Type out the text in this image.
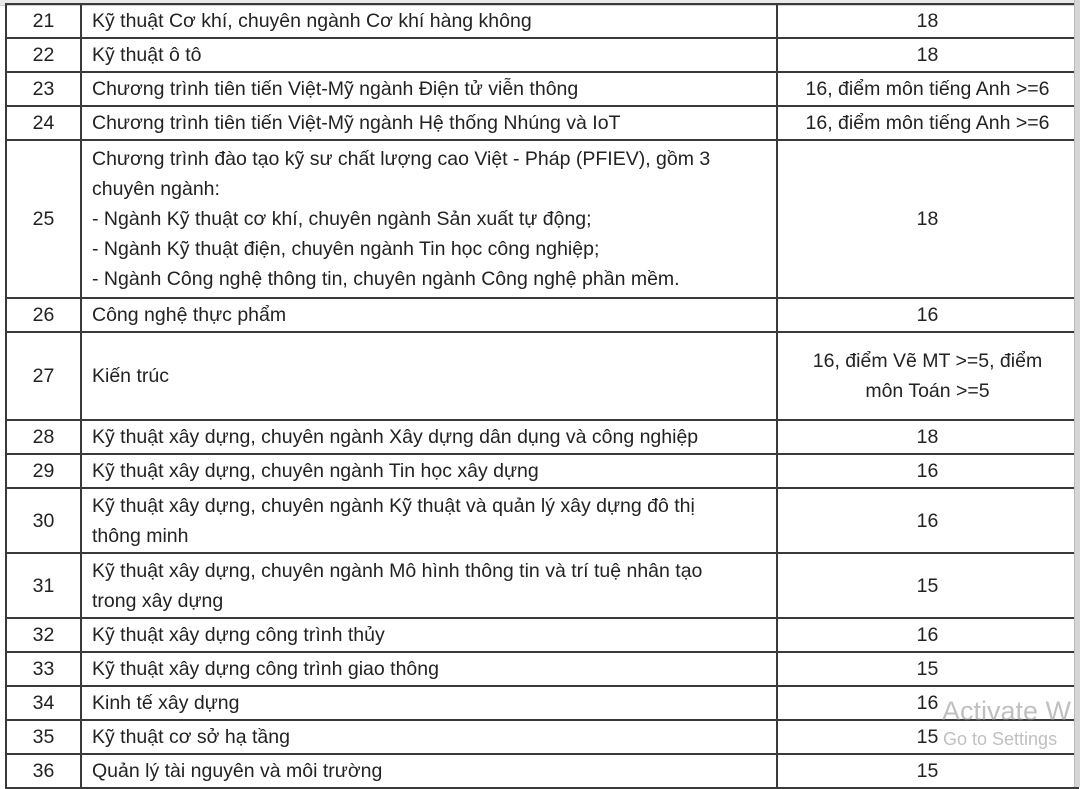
21	Kỹ thuật Cơ khí, chuyên ngành Cơ khí hàng không	18

22	Kỹ thuật ô tô	18

23	Chương trình tiên tiến Việt-Mỹ ngành Điện tử viễn thông	16, điểm môn tiếng Anh >=6

24	Chương trình tiên tiến Việt-Mỹ ngành Hệ thống Nhúng và IoT	16, điểm môn tiếng Anh >=6

25	Chương trình đào tạo kỹ sư chất lượng cao Việt - Pháp (PFIEV), gồm 3
chuyên ngành:
- Ngành Kỹ thuật cơ khí, chuyên ngành Sản xuất tự động;
- Ngành Kỹ thuật điện, chuyên ngành Tin học công nghiệp;
- Ngành Công nghệ thông tin, chuyên ngành Công nghệ phần mềm.	18

26	Công nghệ thực phẩm	16

27	Kiến trúc	16, điểm Vẽ MT >=5, điểm
môn Toán >=5

28	Kỹ thuật xây dựng, chuyên ngành Xây dựng dân dụng và công nghiệp	18

29	Kỹ thuật xây dựng, chuyên ngành Tin học xây dựng	16

30	Kỹ thuật xây dựng, chuyên ngành Kỹ thuật và quản lý xây dựng đô thị
thông minh	16

31	Kỹ thuật xây dựng, chuyên ngành Mô hình thông tin và trí tuệ nhân tạo
trong xây dựng	15

32	Kỹ thuật xây dựng công trình thủy	16

33	Kỹ thuật xây dựng công trình giao thông	15

34	Kinh tế xây dựng	16

35	Kỹ thuật cơ sở hạ tầng	15

36	Quản lý tài nguyên và môi trường	15
Activate W
Go to Settings
